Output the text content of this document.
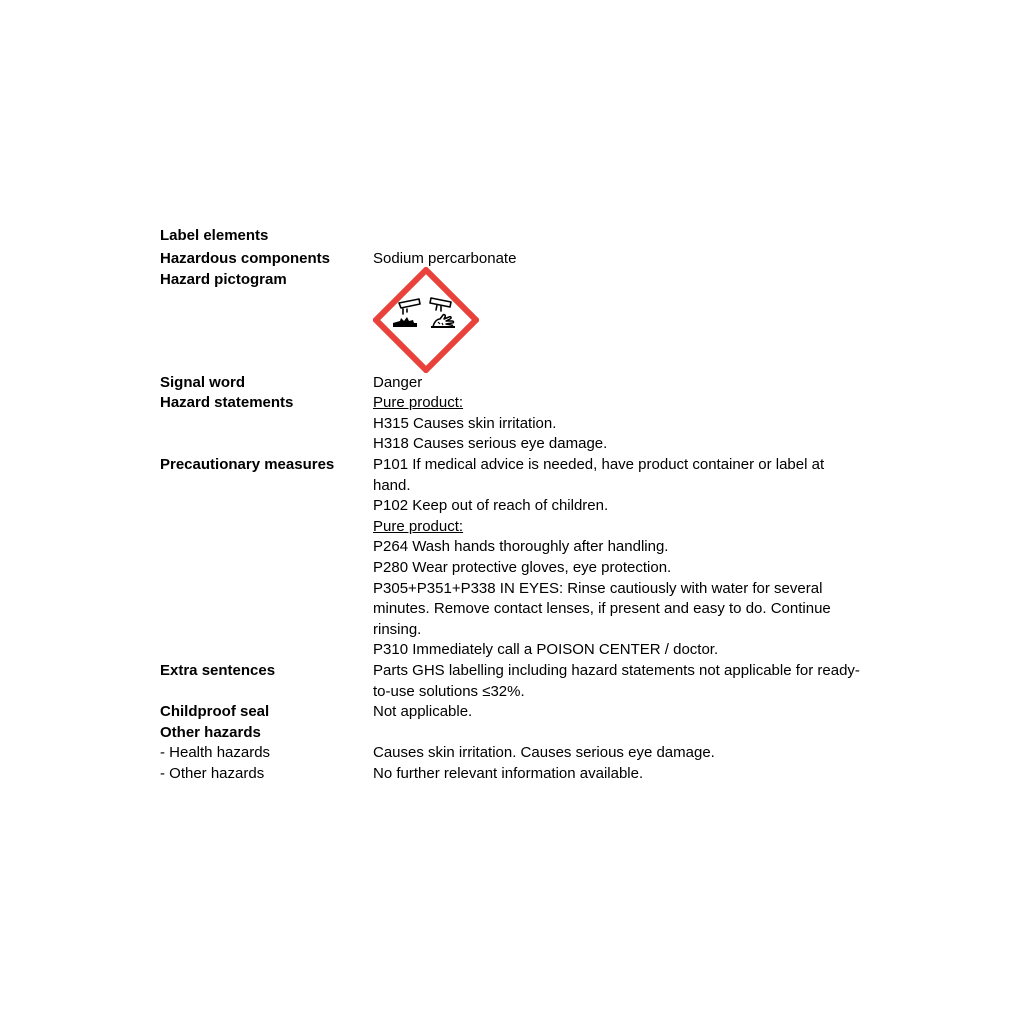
Label elements
Hazardous components	Sodium percarbonate
Hazard pictogram
Signal word	Danger
Hazard statements	Pure product:
H315 Causes skin irritation.
H318 Causes serious eye damage.
Precautionary measures	P101 If medical advice is needed, have product container or label at hand.
P102 Keep out of reach of children.
Pure product:
P264 Wash hands thoroughly after handling.
P280 Wear protective gloves, eye protection.
P305+P351+P338 IN EYES: Rinse cautiously with water for several minutes. Remove contact lenses, if present and easy to do. Continue rinsing.
P310 Immediately call a POISON CENTER / doctor.
Extra sentences	Parts GHS labelling including hazard statements not applicable for ready-to-use solutions ≤32%.
Childproof seal	Not applicable.
Other hazards
- Health hazards	Causes skin irritation. Causes serious eye damage.
- Other hazards	No further relevant information available.
